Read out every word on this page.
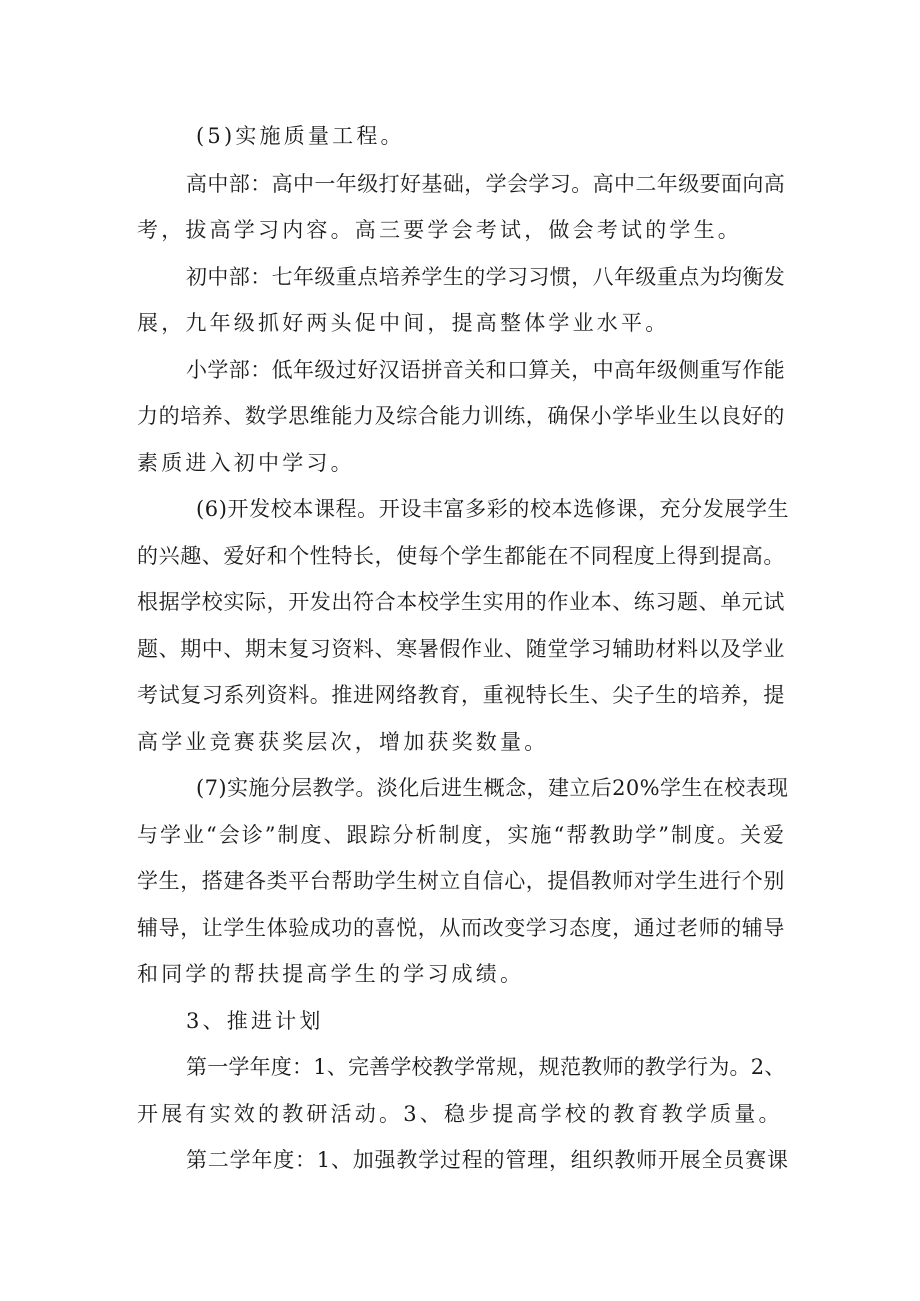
(5)实施质量工程。
高中部：高中一年级打好基础，学会学习。高中二年级要面向高
考，拔高学习内容。高三要学会考试，做会考试的学生。
初中部：七年级重点培养学生的学习习惯，八年级重点为均衡发
展，九年级抓好两头促中间，提高整体学业水平。
小学部：低年级过好汉语拼音关和口算关，中高年级侧重写作能
力的培养、数学思维能力及综合能力训练，确保小学毕业生以良好的
素质进入初中学习。
(6)开发校本课程。开设丰富多彩的校本选修课，充分发展学生
的兴趣、爱好和个性特长，使每个学生都能在不同程度上得到提高。
根据学校实际，开发出符合本校学生实用的作业本、练习题、单元试
题、期中、期末复习资料、寒暑假作业、随堂学习辅助材料以及学业
考试复习系列资料。推进网络教育，重视特长生、尖子生的培养，提
高学业竞赛获奖层次，增加获奖数量。
(7)实施分层教学。淡化后进生概念，建立后20%学生在校表现
与学业“会诊”制度、跟踪分析制度，实施“帮教助学”制度。关爱
学生，搭建各类平台帮助学生树立自信心，提倡教师对学生进行个别
辅导，让学生体验成功的喜悦，从而改变学习态度，通过老师的辅导
和同学的帮扶提高学生的学习成绩。
3、推进计划
第一学年度：1、完善学校教学常规，规范教师的教学行为。2、
开展有实效的教研活动。3、稳步提高学校的教育教学质量。
第二学年度：1、加强教学过程的管理，组织教师开展全员赛课
